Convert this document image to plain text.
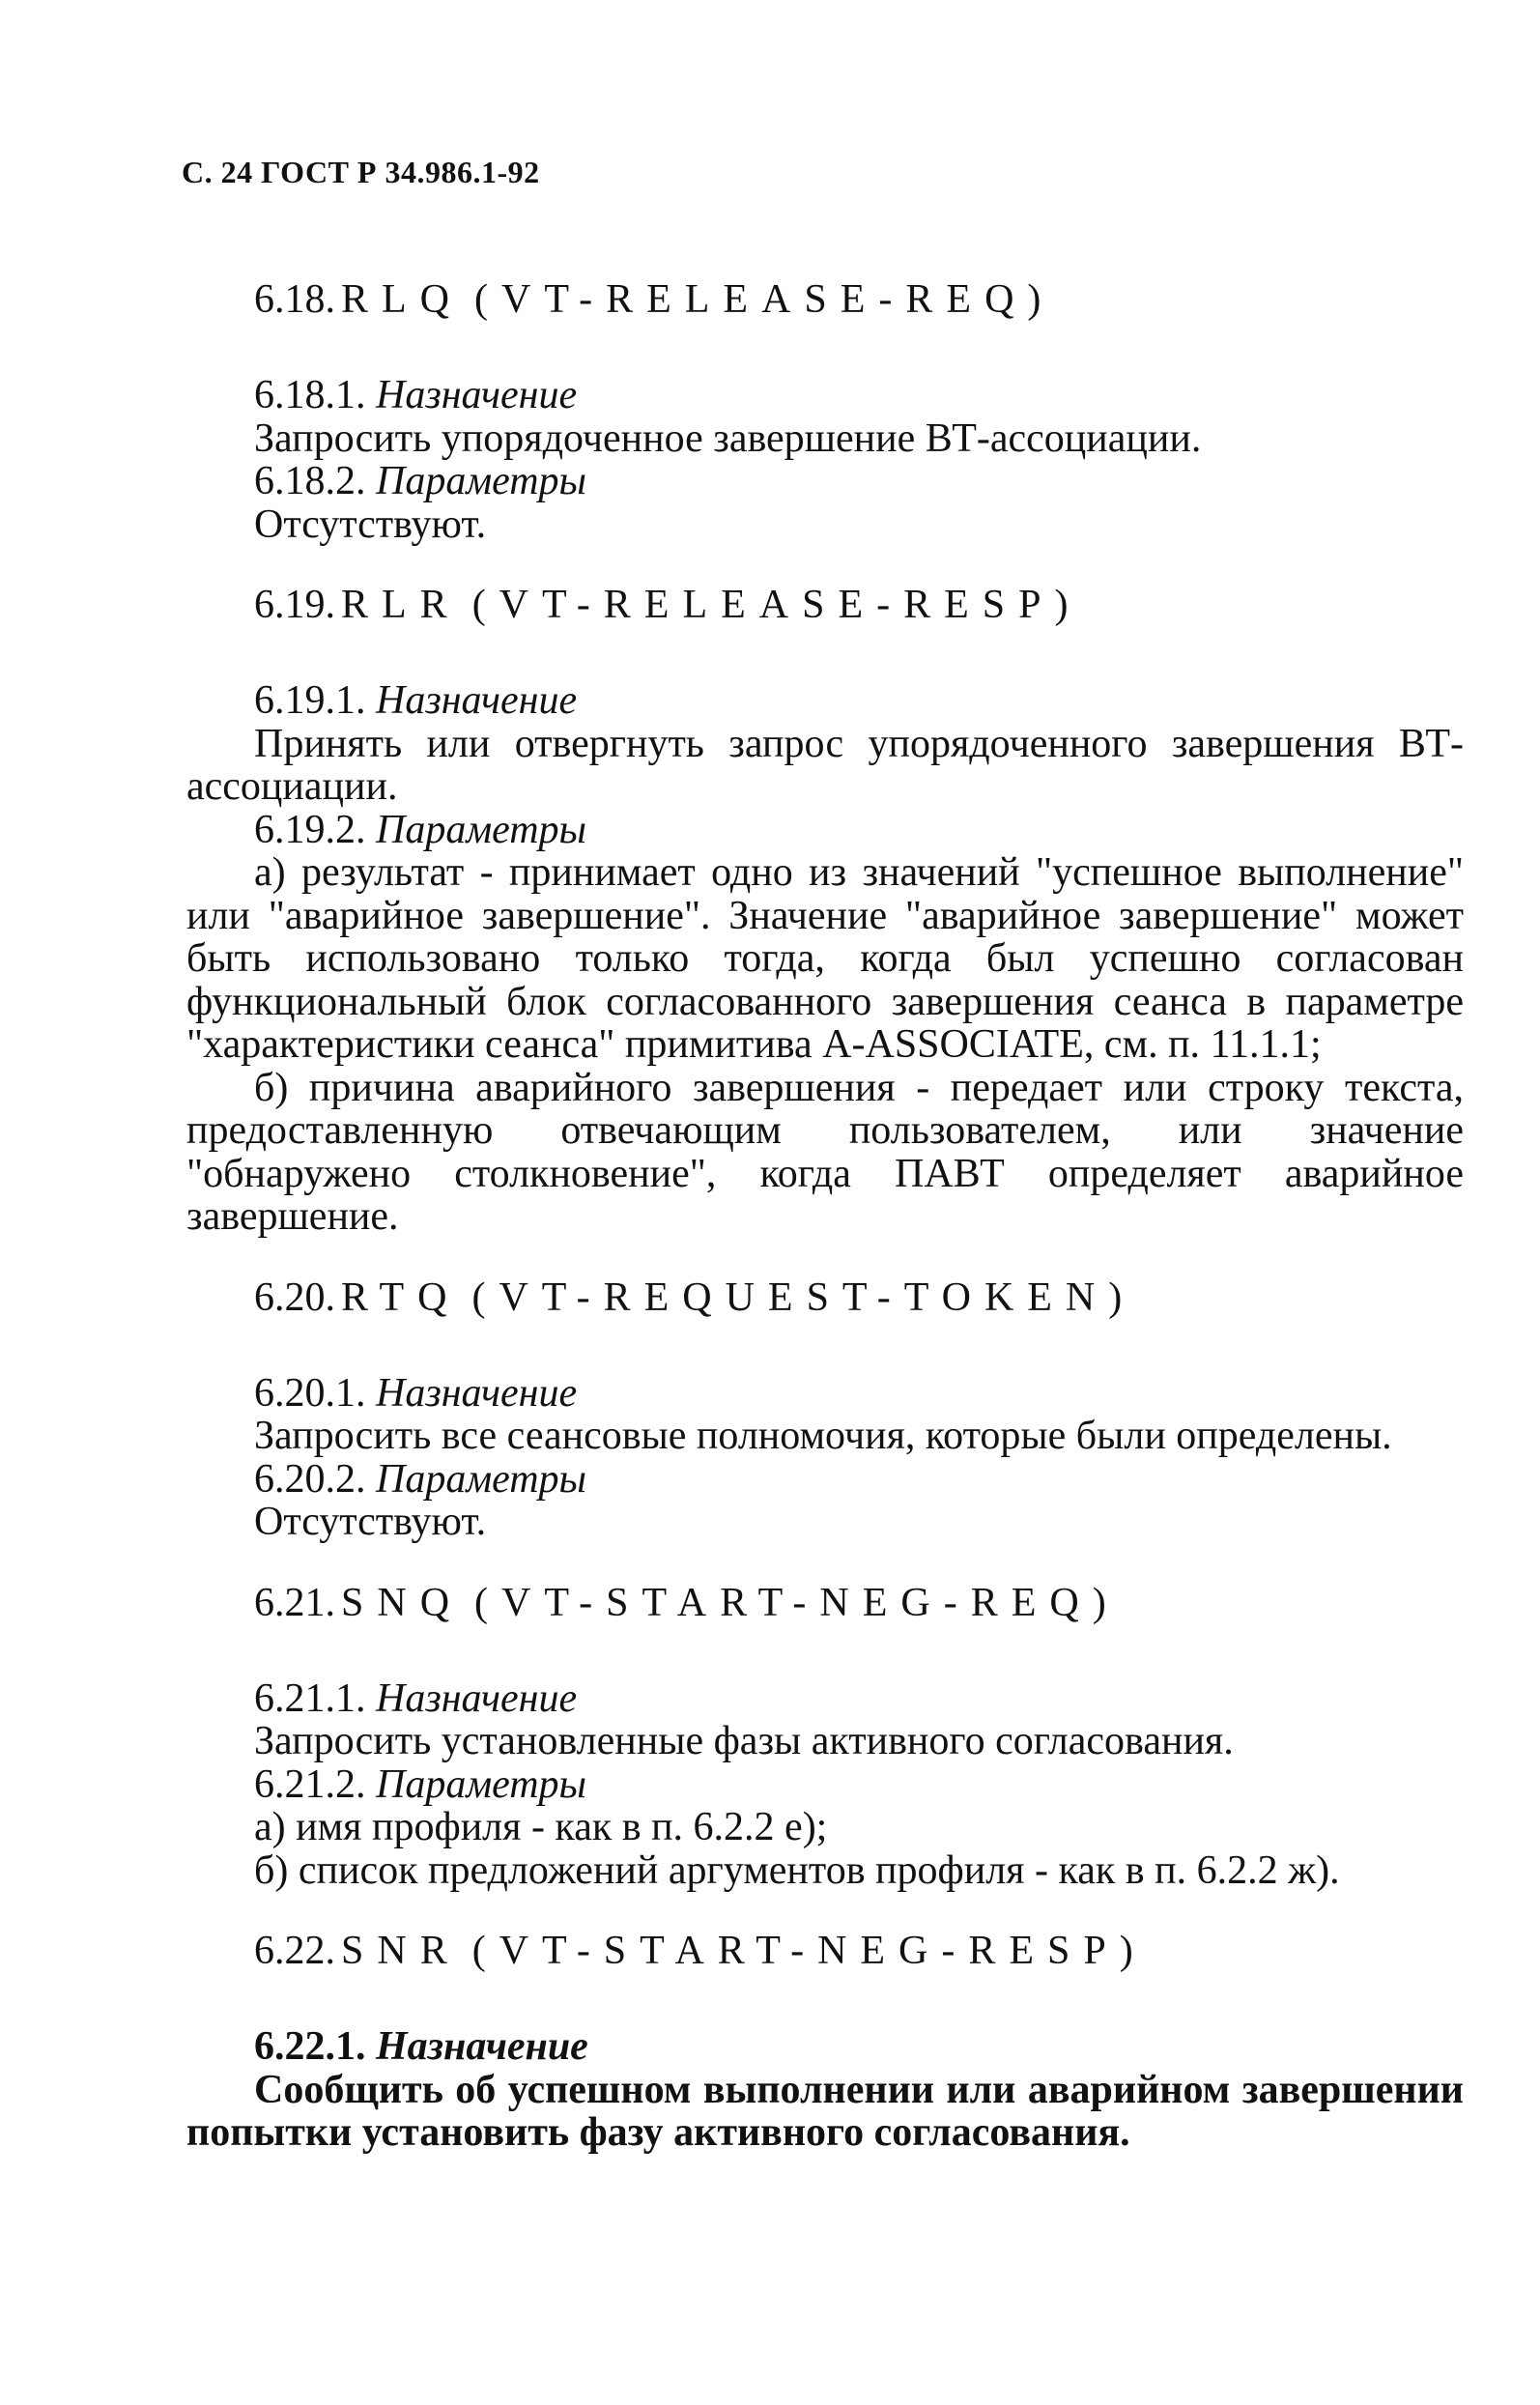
С. 24 ГОСТ Р 34.986.1-92
6.18. RLQ (VT-RELEASE-REQ)

6.18.1. Назначение

Запросить упорядоченное завершение ВТ-ассоциации.

6.18.2. Параметры

Отсутствуют.

6.19. RLR (VT-RELEASE-RESP)

6.19.1. Назначение

Принять или отвергнуть запрос упорядоченного завершения ВТ-ассоциации.

6.19.2. Параметры

а) результат - принимает одно из значений "успешное выполнение" или "аварийное завершение". Значение "аварийное завершение" может быть использовано только тогда, когда был успешно согласован функциональный блок согласованного завершения сеанса в параметре "характеристики сеанса" примитива A-ASSOCIATE, см. п. 11.1.1;

б) причина аварийного завершения - передает или строку текста, предоставленную отвечающим пользователем, или значение "обнаружено столкновение", когда ПАВТ определяет аварийное завершение.

6.20. RTQ (VT-REQUEST-TOKEN)

6.20.1. Назначение

Запросить все сеансовые полномочия, которые были определены.

6.20.2. Параметры

Отсутствуют.

6.21. SNQ (VT-START-NEG-REQ)

6.21.1. Назначение

Запросить установленные фазы активного согласования.

6.21.2. Параметры

а) имя профиля - как в п. 6.2.2 е);

б) список предложений аргументов профиля - как в п. 6.2.2 ж).

6.22. SNR (VT-START-NEG-RESP)

6.22.1. Назначение

Сообщить об успешном выполнении или аварийном завершении попытки установить фазу активного согласования.
